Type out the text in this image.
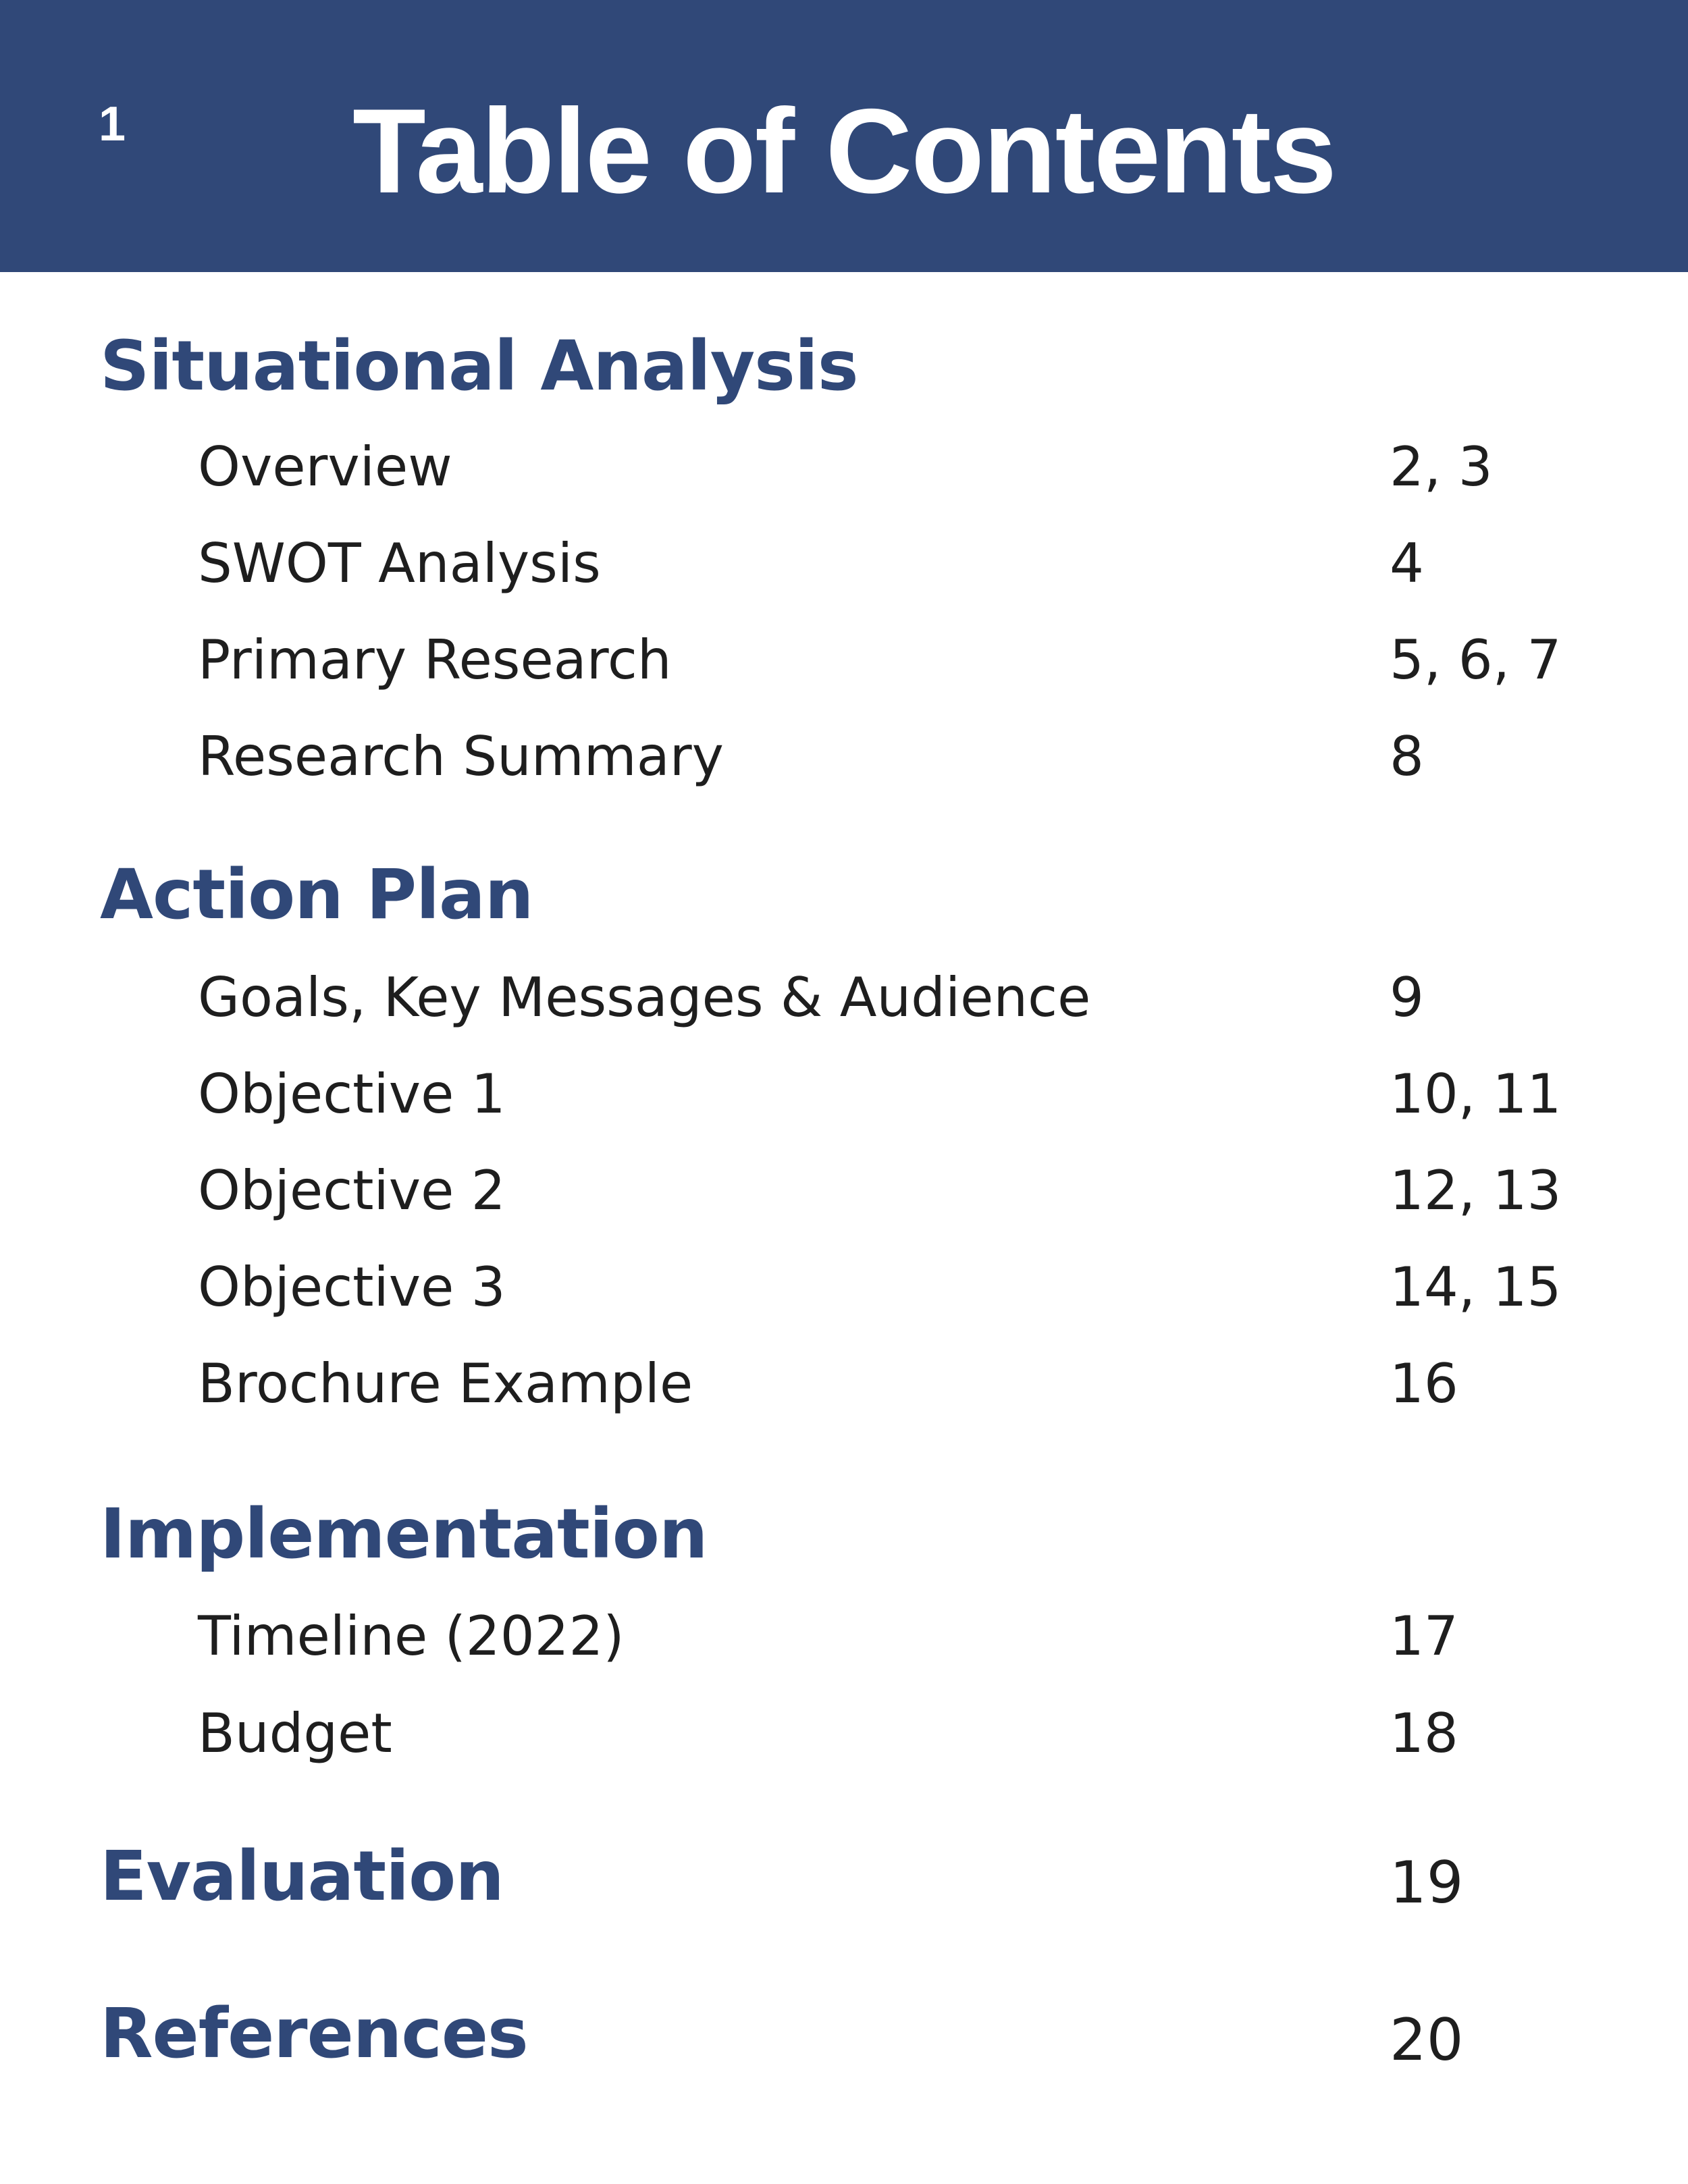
1	Table of Contents
Situational Analysis
Overview	2, 3
SWOT Analysis	4
Primary Research	5, 6, 7
Research Summary	8
Action Plan
Goals, Key Messages & Audience	9
Objective 1	10, 11
Objective 2	12, 13
Objective 3	14, 15
Brochure Example	16
Implementation
Timeline (2022)	17
Budget	18
Evaluation	19
References	20
